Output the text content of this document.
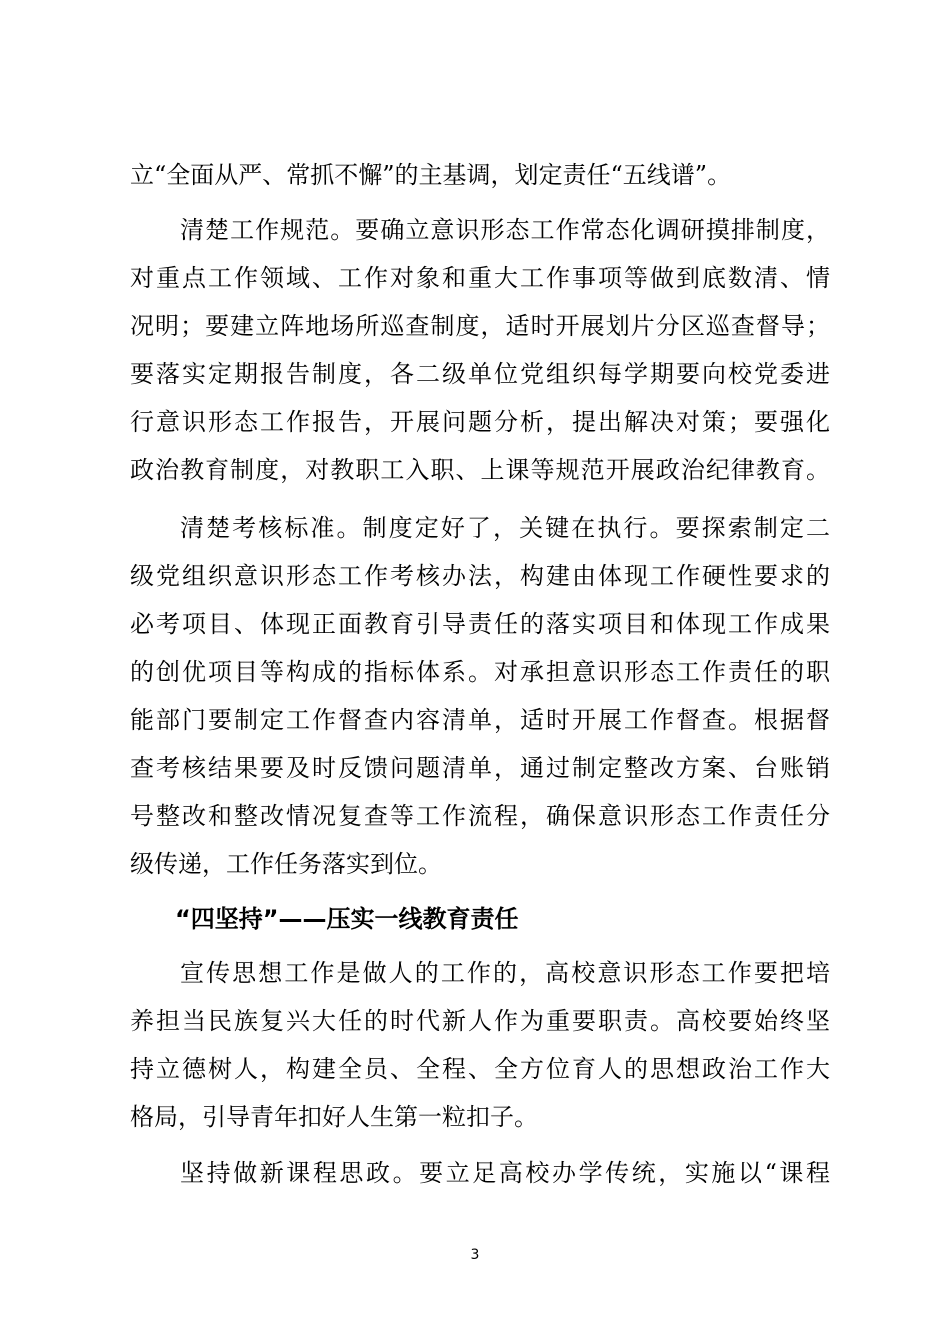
立“全面从严、常抓不懈”的主基调，划定责任“五线谱”。
清楚工作规范。要确立意识形态工作常态化调研摸排制度，
对重点工作领域、工作对象和重大工作事项等做到底数清、情
况明；要建立阵地场所巡查制度，适时开展划片分区巡查督导；
要落实定期报告制度，各二级单位党组织每学期要向校党委进
行意识形态工作报告，开展问题分析，提出解决对策；要强化
政治教育制度，对教职工入职、上课等规范开展政治纪律教育。
清楚考核标准。制度定好了，关键在执行。要探索制定二
级党组织意识形态工作考核办法，构建由体现工作硬性要求的
必考项目、体现正面教育引导责任的落实项目和体现工作成果
的创优项目等构成的指标体系。对承担意识形态工作责任的职
能部门要制定工作督查内容清单，适时开展工作督查。根据督
查考核结果要及时反馈问题清单，通过制定整改方案、台账销
号整改和整改情况复查等工作流程，确保意识形态工作责任分
级传递，工作任务落实到位。
“四坚持”——压实一线教育责任
宣传思想工作是做人的工作的，高校意识形态工作要把培
养担当民族复兴大任的时代新人作为重要职责。高校要始终坚
持立德树人，构建全员、全程、全方位育人的思想政治工作大
格局，引导青年扣好人生第一粒扣子。
坚持做新课程思政。要立足高校办学传统，实施以“课程
3
